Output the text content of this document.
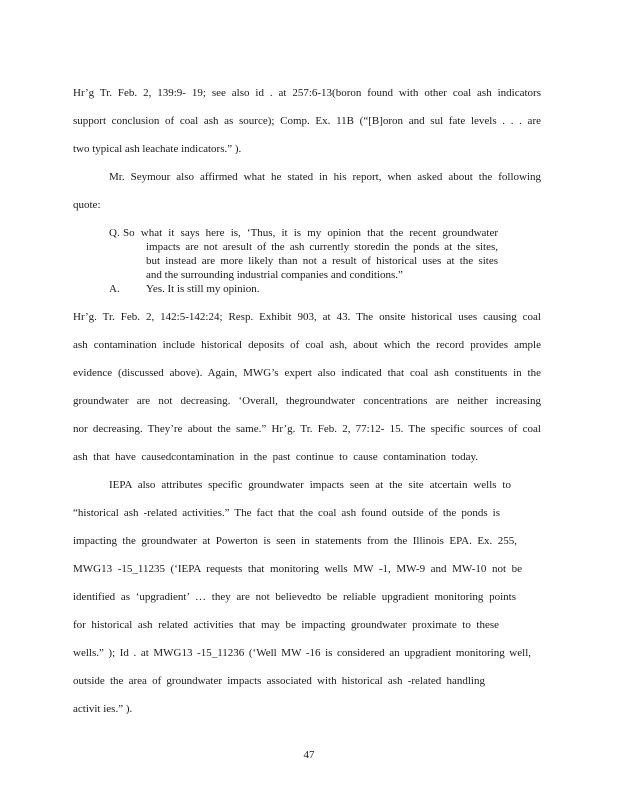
Hr’g Tr. Feb. 2, 139:9- 19; see also id . at 257:6-13(boron found with other coal ash indicators
support conclusion of coal ash as source); Comp. Ex. 11B (“[B]oron and sul fate levels . . . are
two typical ash leachate indicators.” ).
Mr. Seymour also affirmed what he stated in his report, when asked about the following
quote:
Q. So what it says here is, ‘Thus, it is my opinion that the recent groundwater
impacts are not aresult of the ash currently storedin the ponds at the sites,
but instead are more likely than not a result of historical uses at the sites
and the surrounding industrial companies and conditions.”
A. Yes. It is still my opinion.
Hr’g. Tr. Feb. 2, 142:5-142:24; Resp. Exhibit 903, at 43. The onsite historical uses causing coal
ash contamination include historical deposits of coal ash, about which the record provides ample
evidence (discussed above). Again, MWG’s expert also indicated that coal ash constituents in the
groundwater are not decreasing. ‘Overall, thegroundwater concentrations are neither increasing
nor decreasing. They’re about the same.” Hr’g. Tr. Feb. 2, 77:12- 15. The specific sources of coal
ash that have causedcontamination in the past continue to cause contamination today.
IEPA also attributes specific groundwater impacts seen at the site atcertain wells to
“historical ash -related activities.” The fact that the coal ash found outside of the ponds is
impacting the groundwater at Powerton is seen in statements from the Illinois EPA. Ex. 255,
MWG13 -15_11235 (‘IEPA requests that monitoring wells MW -1, MW-9 and MW-10 not be
identified as ‘upgradient’ … they are not believedto be reliable upgradient monitoring points
for historical ash related activities that may be impacting groundwater proximate to these
wells.” ); Id . at MWG13 -15_11236 (‘Well MW -16 is considered an upgradient monitoring well,
outside the area of groundwater impacts associated with historical ash -related handling
activit ies.” ).
47
